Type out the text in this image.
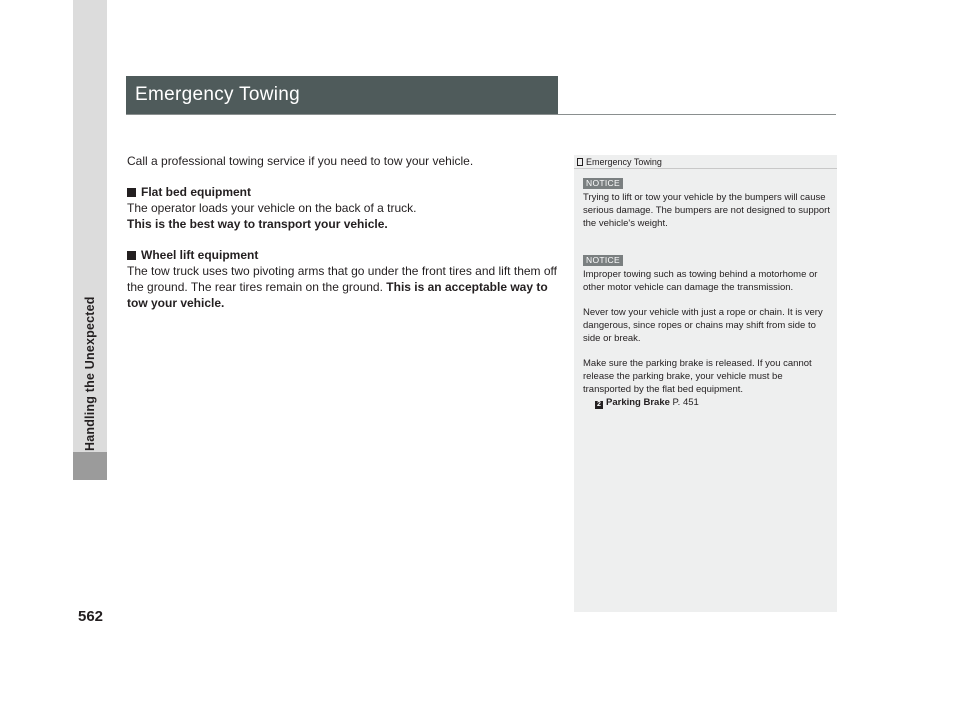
Handling the Unexpected
562
Emergency Towing

Call a professional towing service if you need to tow your vehicle.

Flat bed equipment

The operator loads your vehicle on the back of a truck.

This is the best way to transport your vehicle.

Wheel lift equipment

The tow truck uses two pivoting arms that go under the front tires and lift them off the ground. The rear tires remain on the ground. This is an acceptable way to tow your vehicle.

Emergency Towing
NOTICE

Trying to lift or tow your vehicle by the bumpers will cause serious damage. The bumpers are not designed to support the vehicle's weight.

NOTICE

Improper towing such as towing behind a motorhome or other motor vehicle can damage the transmission.

Never tow your vehicle with just a rope or chain. It is very dangerous, since ropes or chains may shift from side to side or break.

Make sure the parking brake is released. If you cannot release the parking brake, your vehicle must be transported by the flat bed equipment.

2 Parking Brake P. 451
